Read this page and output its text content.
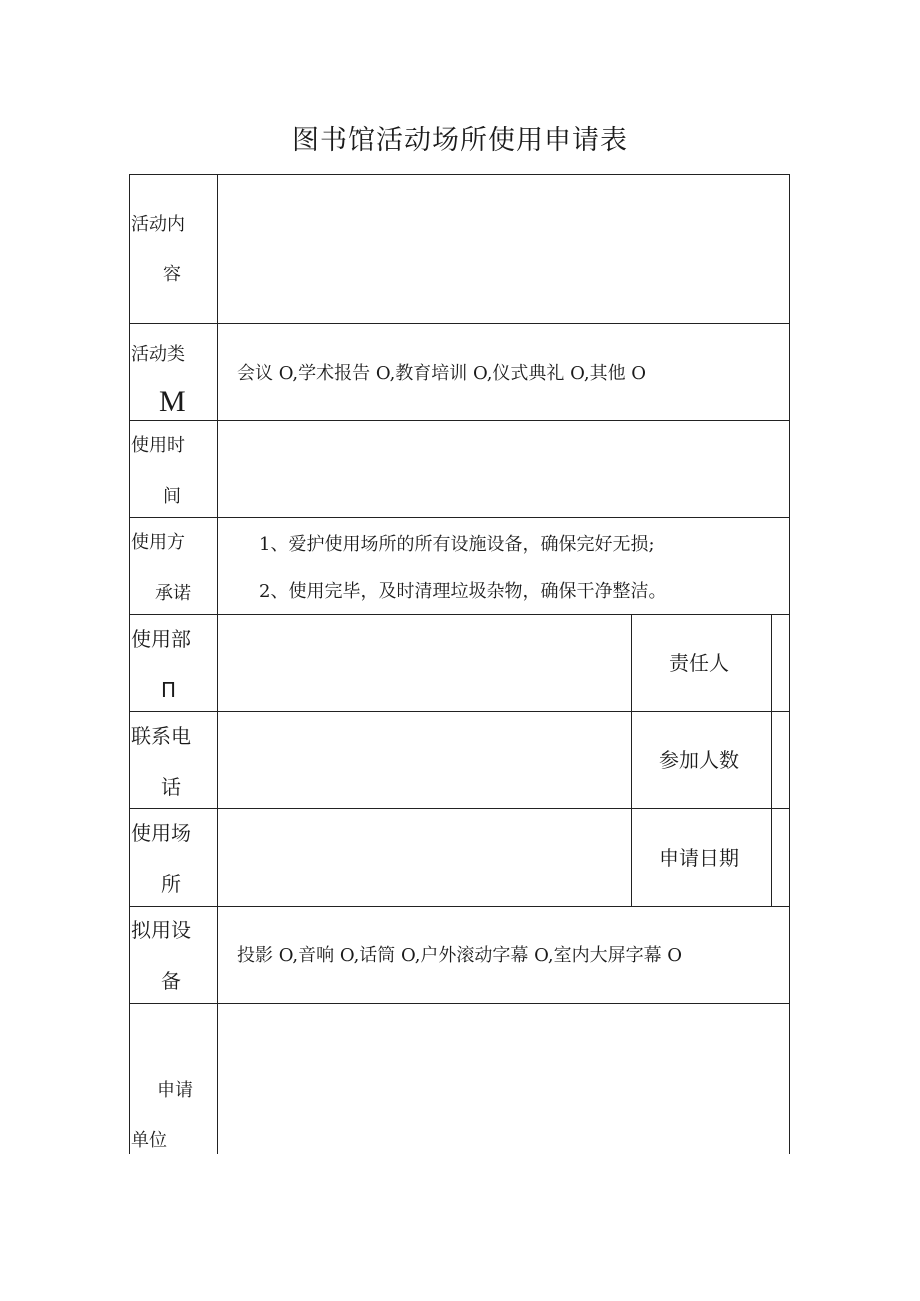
图书馆活动场所使用申请表
活动内
容
活动类
M
会议 O,学术报告 O,教育培训 O,仪式典礼 O,其他 O
使用时
间
使用方
承诺
1、爱护使用场所的所有设施设备，确保完好无损;
2、使用完毕，及时清理垃圾杂物，确保干净整洁。
使用部
Π
责任人
联系电
话
参加人数
使用场
所
申请日期
拟用设
备
投影 O,音响 O,话筒 O,户外滚动字幕 O,室内大屏字幕 O
申请
单位
